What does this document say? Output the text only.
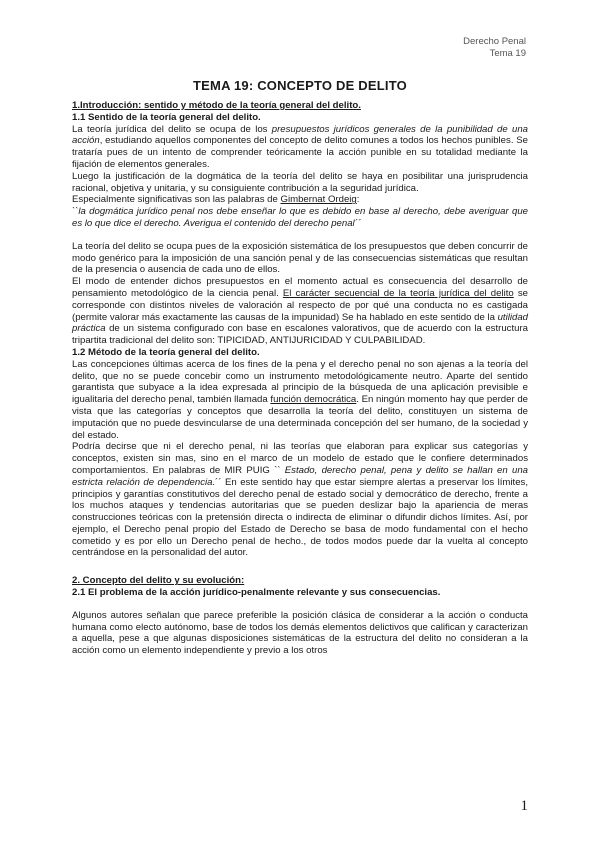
Derecho Penal
Tema 19
TEMA 19: CONCEPTO DE DELITO

1.Introducción: sentido y método de la teoría general del delito.

1.1 Sentido de la teoría general del delito.

La teoría jurídica del delito se ocupa de los presupuestos jurídicos generales de la punibilidad de una acción, estudiando aquellos componentes del concepto de delito comunes a todos los hechos punibles. Se trataría pues de un intento de comprender teóricamente la acción punible en su totalidad mediante la fijación de elementos generales.

Luego la justificación de la dogmática de la teoría del delito se haya en posibilitar una jurisprudencia racional, objetiva y unitaria, y su consiguiente contribución a la seguridad jurídica.

Especialmente significativas son las palabras de Gimbernat Ordeig:

``la dogmática jurídico penal nos debe enseñar lo que es debido en base al derecho, debe averiguar que es lo que dice el derecho. Averigua el contenido del derecho penal´´

La teoría del delito se ocupa pues de la exposición sistemática de los presupuestos que deben concurrir de modo genérico para la imposición de una sanción penal y de las consecuencias sistemáticas que resultan de la presencia o ausencia de cada uno de ellos.

El modo de entender dichos presupuestos en el momento actual es consecuencia del desarrollo de pensamiento metodológico de la ciencia penal. El carácter secuencial de la teoría jurídica del delito se corresponde con distintos niveles de valoración al respecto de por qué una conducta no es castigada (permite valorar más exactamente las causas de la impunidad) Se ha hablado en este sentido de la utilidad práctica de un sistema configurado con base en escalones valorativos, que de acuerdo con la estructura tripartita tradicional del delito son: TIPICIDAD, ANTIJURICIDAD Y CULPABILIDAD.

1.2 Método de la teoría general del delito.

Las concepciones últimas acerca de los fines de la pena y el derecho penal no son ajenas a la teoría del delito, que no se puede concebir como un instrumento metodológicamente neutro. Aparte del sentido garantista que subyace a la idea expresada al principio de la búsqueda de una aplicación previsible e igualitaria del derecho penal, también llamada función democrática. En ningún momento hay que perder de vista que las categorías y conceptos que desarrolla la teoría del delito, constituyen un sistema de imputación que no puede desvincularse de una determinada concepción del ser humano, de la sociedad y del estado.

Podría decirse que ni el derecho penal, ni las teorías que elaboran para explicar sus categorías y conceptos, existen sin mas, sino en el marco de un modelo de estado que le confiere determinados comportamientos. En palabras de MIR PUIG `` Estado, derecho penal, pena y delito se hallan en una estricta relación de dependencia.´´ En este sentido hay que estar siempre alertas a preservar los límites, principios y garantías constitutivos del derecho penal de estado social y democrático de derecho, frente a los muchos ataques y tendencias autoritarias que se pueden deslizar bajo la apariencia de meras construcciones teóricas con la pretensión directa o indirecta de eliminar o difundir dichos límites. Así, por ejemplo, el Derecho penal propio del Estado de Derecho se basa de modo fundamental con el hecho cometido y es por ello un Derecho penal de hecho., de todos modos puede dar la vuelta al concepto centrándose en la personalidad del autor.

2. Concepto del delito y su evolución:

2.1 El problema de la acción jurídico-penalmente relevante y sus consecuencias.

Algunos autores señalan que parece preferible la posición clásica de considerar a la acción o conducta humana como electo autónomo, base de todos los demás elementos delictivos que califican y caracterizan a aquella, pese a que algunas disposiciones sistemáticas de la estructura del delito no consideran a la acción como un elemento independiente y previo a los otros

1
